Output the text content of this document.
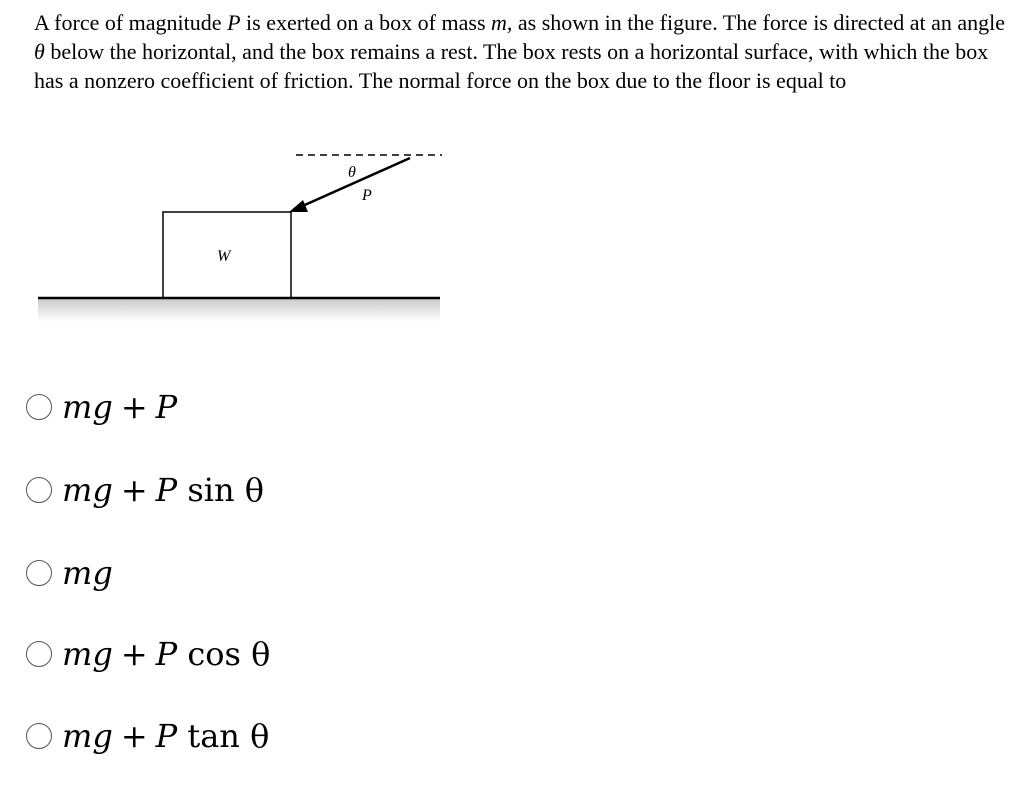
A force of magnitude P is exerted on a box of mass m, as shown in the figure. The force is directed at an angle θ below the horizontal, and the box remains a rest. The box rests on a horizontal surface, with which the box has a nonzero coefficient of friction. The normal force on the box due to the floor is equal to
θ
P
W
mg + P
mg + P sin θ
mg
mg + P cos θ
mg + P tan θ
